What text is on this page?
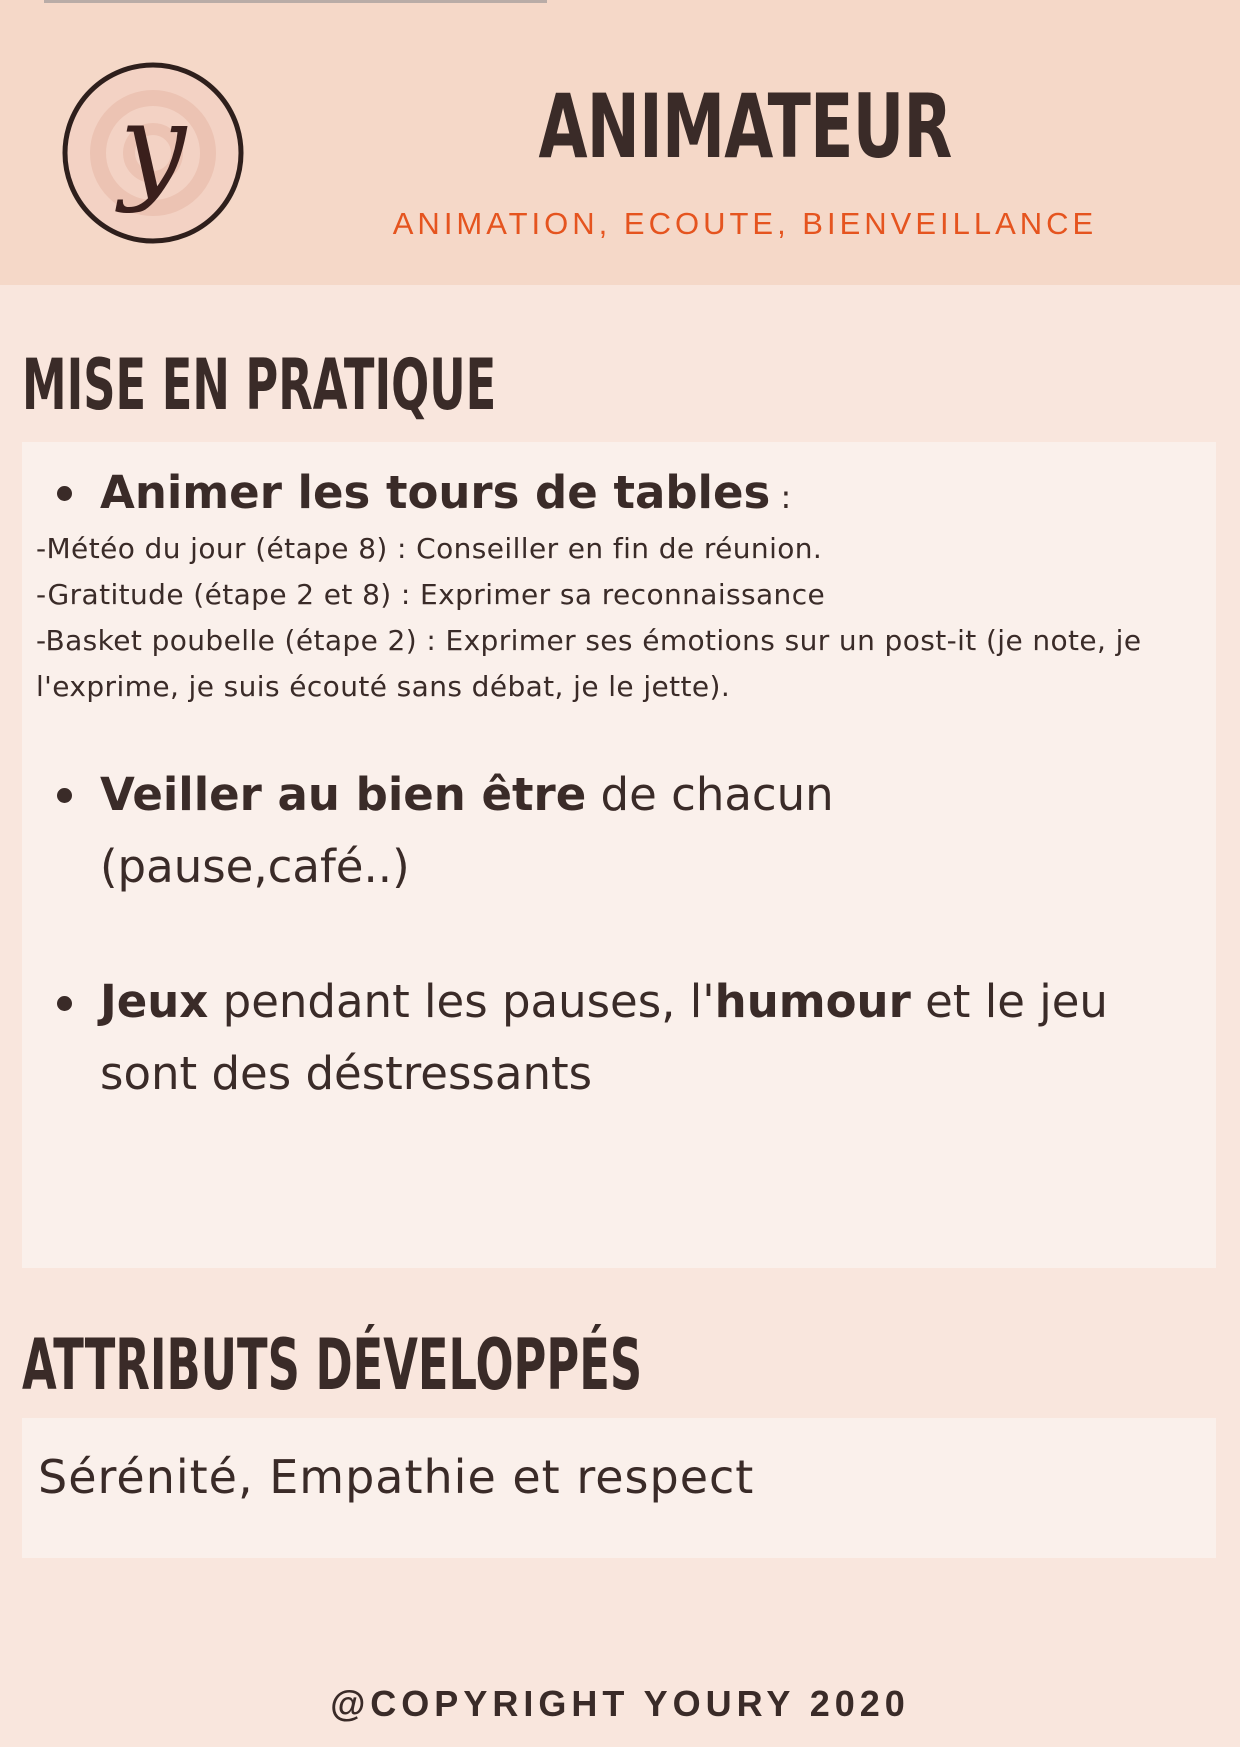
y	ANIMATEUR
ANIMATION, ECOUTE, BIENVEILLANCE
MISE EN PRATIQUE
Animer les tours de tables :
-Météo du jour (étape 8) : Conseiller en fin de réunion.
-Gratitude (étape 2 et 8) : Exprimer sa reconnaissance
-Basket poubelle (étape 2) : Exprimer ses émotions sur un post-it (je note, je l'exprime, je suis écouté sans débat, je le jette).
Veiller au bien être de chacun (pause,café..)
Jeux pendant les pauses, l'humour et le jeu sont des déstressants
ATTRIBUTS DÉVELOPPÉS
Sérénité, Empathie et respect
@COPYRIGHT YOURY 2020
